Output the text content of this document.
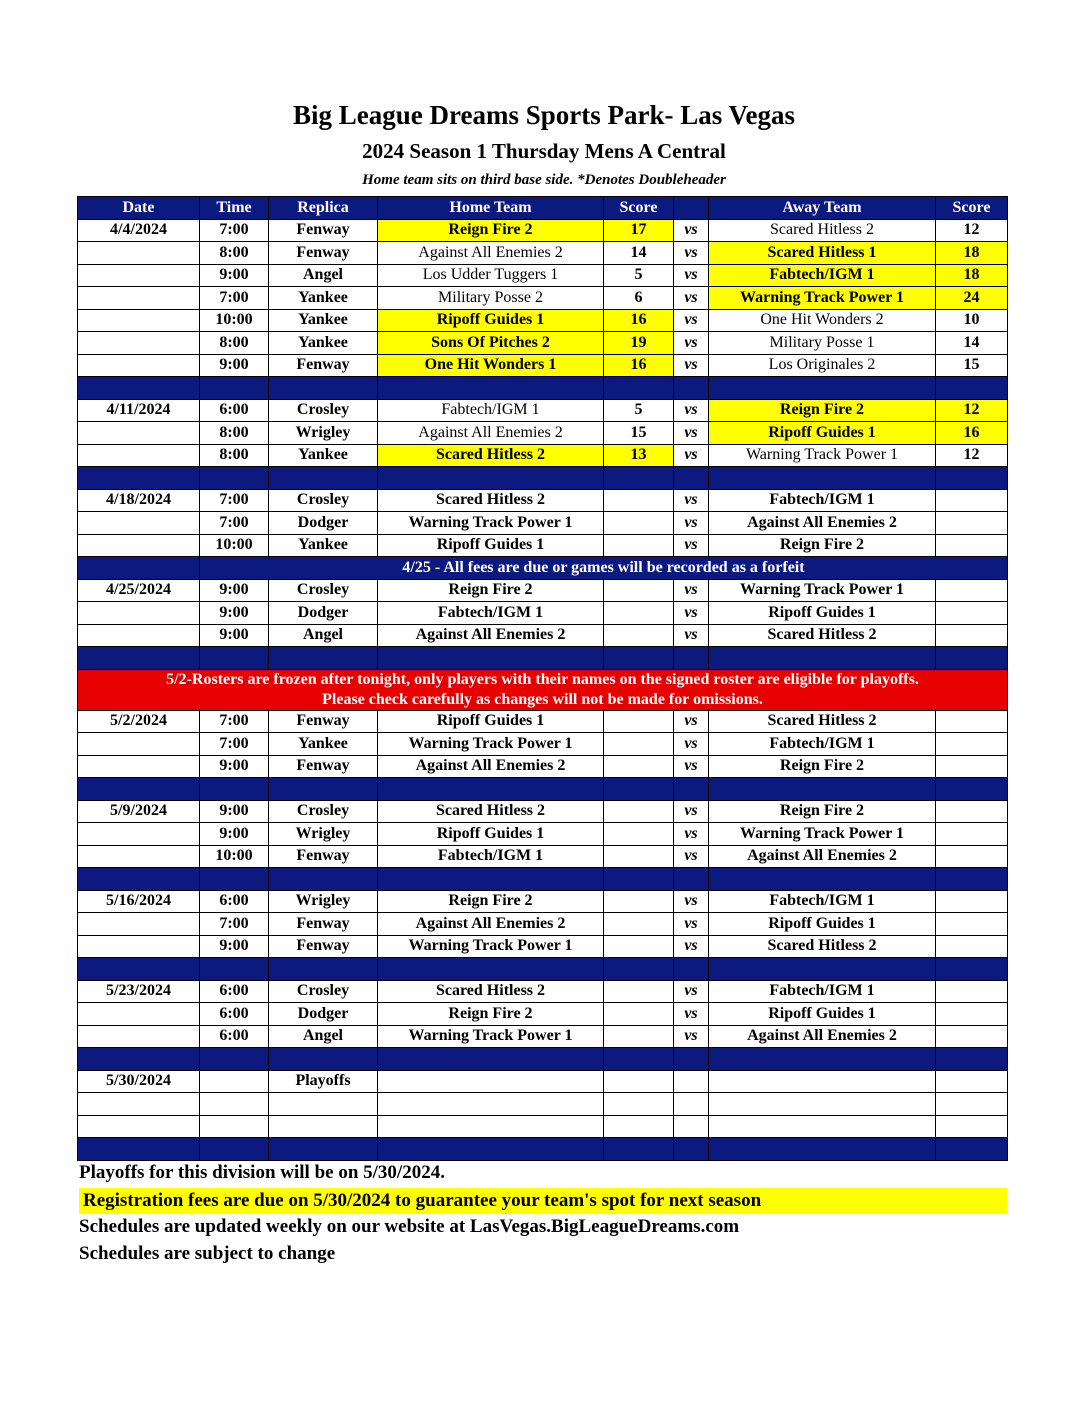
Big League Dreams Sports Park- Las Vegas
2024 Season 1 Thursday Mens A Central
Home team sits on third base side. *Denotes Doubleheader
Date	Time	Replica	Home Team	Score		Away Team	Score
4/4/2024	7:00	Fenway	Reign Fire 2	17	vs	Scared Hitless 2	12
	8:00	Fenway	Against All Enemies 2	14	vs	Scared Hitless 1	18
	9:00	Angel	Los Udder Tuggers 1	5	vs	Fabtech/IGM 1	18
	7:00	Yankee	Military Posse 2	6	vs	Warning Track Power 1	24
	10:00	Yankee	Ripoff Guides 1	16	vs	One Hit Wonders 2	10
	8:00	Yankee	Sons Of Pitches 2	19	vs	Military Posse 1	14
	9:00	Fenway	One Hit Wonders 1	16	vs	Los Originales 2	15

4/11/2024	6:00	Crosley	Fabtech/IGM 1	5	vs	Reign Fire 2	12
	8:00	Wrigley	Against All Enemies 2	15	vs	Ripoff Guides 1	16
	8:00	Yankee	Scared Hitless 2	13	vs	Warning Track Power 1	12

4/18/2024	7:00	Crosley	Scared Hitless 2		vs	Fabtech/IGM 1	
	7:00	Dodger	Warning Track Power 1		vs	Against All Enemies 2	
	10:00	Yankee	Ripoff Guides 1		vs	Reign Fire 2	
	4/25 - All fees are due or games will be recorded as a forfeit						
4/25/2024	9:00	Crosley	Reign Fire 2		vs	Warning Track Power 1	
	9:00	Dodger	Fabtech/IGM 1		vs	Ripoff Guides 1	
	9:00	Angel	Against All Enemies 2		vs	Scared Hitless 2	

5/2-Rosters are frozen after tonight, only players with their names on the signed roster are eligible for playoffs.
Please check carefully as changes will not be made for omissions.							

5/2/2024	7:00	Fenway	Ripoff Guides 1		vs	Scared Hitless 2	
	7:00	Yankee	Warning Track Power 1		vs	Fabtech/IGM 1	
	9:00	Fenway	Against All Enemies 2		vs	Reign Fire 2	

5/9/2024	9:00	Crosley	Scared Hitless 2		vs	Reign Fire 2	
	9:00	Wrigley	Ripoff Guides 1		vs	Warning Track Power 1	
	10:00	Fenway	Fabtech/IGM 1		vs	Against All Enemies 2	

5/16/2024	6:00	Wrigley	Reign Fire 2		vs	Fabtech/IGM 1	
	7:00	Fenway	Against All Enemies 2		vs	Ripoff Guides 1	
	9:00	Fenway	Warning Track Power 1		vs	Scared Hitless 2	

5/23/2024	6:00	Crosley	Scared Hitless 2		vs	Fabtech/IGM 1	
	6:00	Dodger	Reign Fire 2		vs	Ripoff Guides 1	
	6:00	Angel	Warning Track Power 1		vs	Against All Enemies 2	

5/30/2024		Playoffs					

Playoffs for this division will be on 5/30/2024.
Registration fees are due on 5/30/2024 to guarantee your team's spot for next season
Schedules are updated weekly on our website at LasVegas.BigLeagueDreams.com
Schedules are subject to change
